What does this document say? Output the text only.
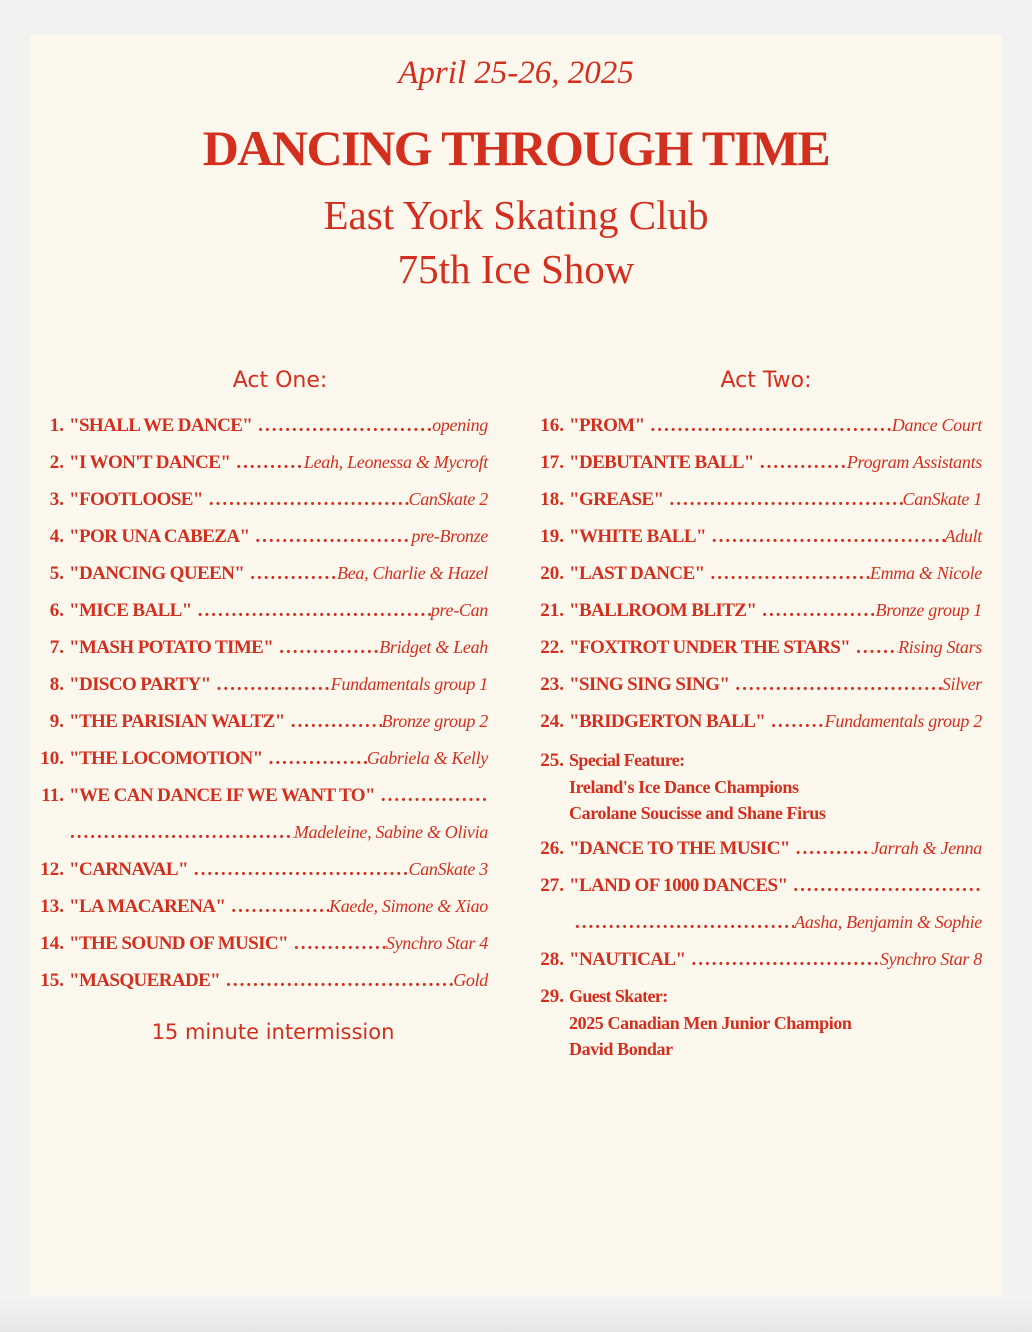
April 25-26, 2025
DANCING THROUGH TIME
East York Skating Club
75th Ice Show
Act One:	Act Two:
1. "SHALL WE DANCE" .....	opening
2. "I WON'T DANCE" .....	Leah, Leonessa & Mycroft
3. "FOOTLOOSE" .....	CanSkate 2
4. "POR UNA CABEZA" .....	pre-Bronze
5. "DANCING QUEEN" .....	Bea, Charlie & Hazel
6. "MICE BALL" .....	pre-Can
7. "MASH POTATO TIME" .....	Bridget & Leah
8. "DISCO PARTY" .....	Fundamentals group 1
9. "THE PARISIAN WALTZ" .....	Bronze group 2
10. "THE LOCOMOTION" .....	Gabriela & Kelly
11. "WE CAN DANCE IF WE WANT TO"
.....
.....
Madeleine, Sabine & Olivia
12. "CARNAVAL" .....	CanSkate 3
13. "LA MACARENA" .....	Kaede, Simone & Xiao
14. "THE SOUND OF MUSIC" .....	Synchro Star 4
15. "MASQUERADE" .....	Gold
15 minute intermission
16. "PROM" .....	Dance Court
17. "DEBUTANTE BALL" .....	Program Assistants
18. "GREASE" .....	CanSkate 1
19. "WHITE BALL" .....	Adult
20. "LAST DANCE" .....	Emma & Nicole
21. "BALLROOM BLITZ" .....	Bronze group 1
22. "FOXTROT UNDER THE STARS" .....	Rising Stars
23. "SING SING SING" .....	Silver
24. "BRIDGERTON BALL" .....	Fundamentals group 2
25. Special Feature:
Ireland's Ice Dance Champions
Carolane Soucisse and Shane Firus
26. "DANCE TO THE MUSIC" .....	Jarrah & Jenna
27. "LAND OF 1000 DANCES"
.....
.....
Aasha, Benjamin & Sophie
28. "NAUTICAL" .....	Synchro Star 8
29. Guest Skater:
2025 Canadian Men Junior Champion
David Bondar
